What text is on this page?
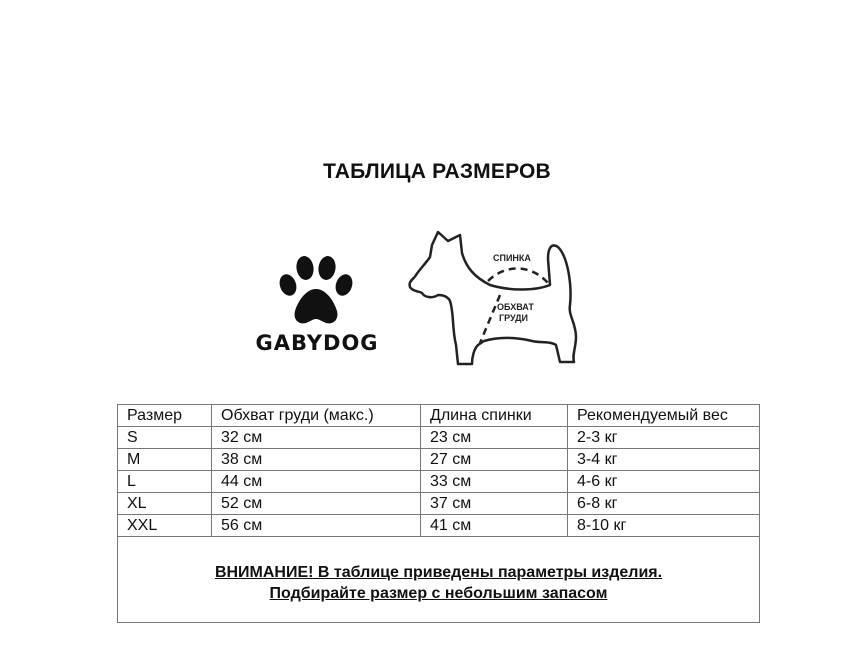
ТАБЛИЦА РАЗМЕРОВ
GABYDOG
СПИНКА
ОБХВАТ
ГРУДИ
Размер	Обхват груди (макс.)	Длина спинки	Рекомендуемый вес
S	32 см	23 см	2-3 кг
M	38 см	27 см	3-4 кг
L	44 см	33 см	4-6 кг
XL	52 см	37 см	6-8 кг
XXL	56 см	41 см	8-10 кг

ВНИМАНИЕ! В таблице приведены параметры изделия.
Подбирайте размер с небольшим запасом			
